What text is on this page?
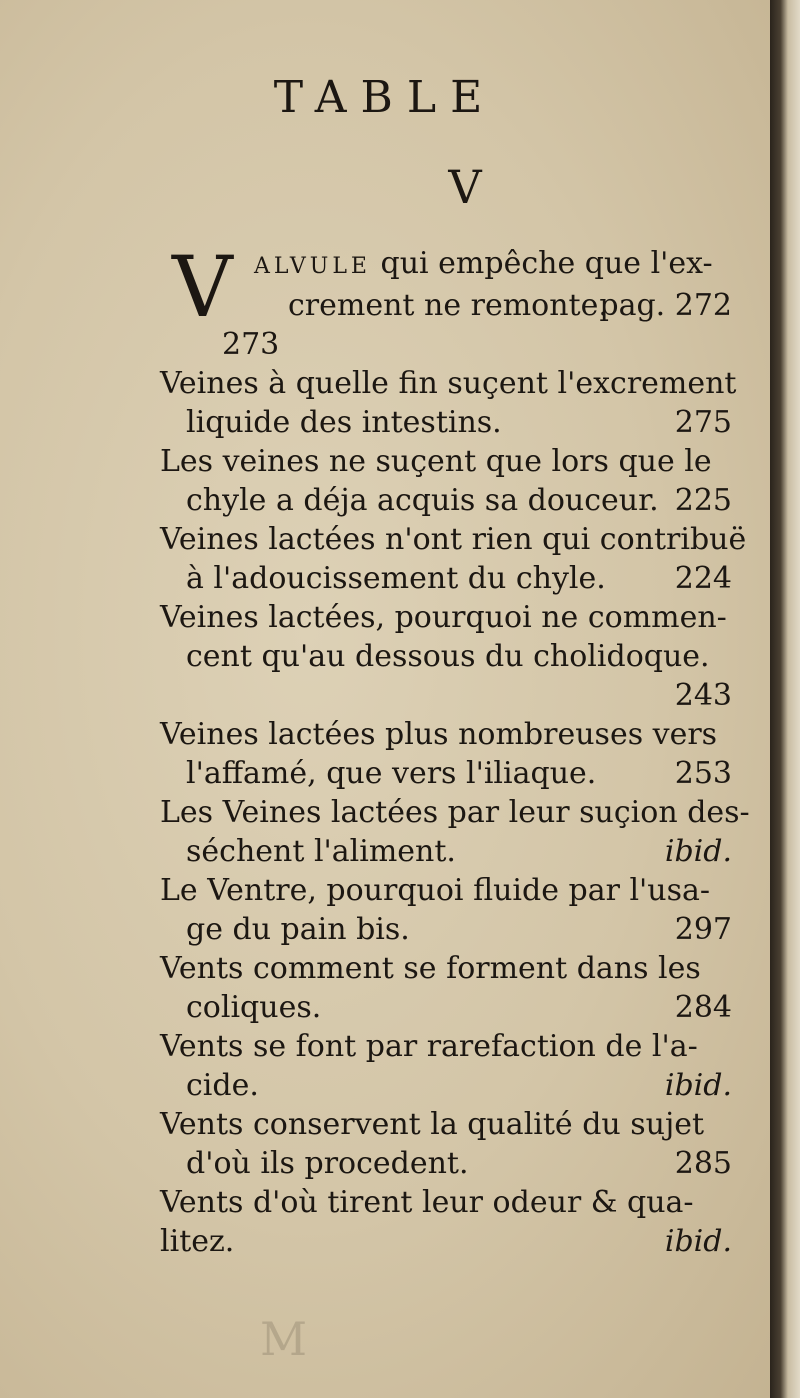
TABLE
V
V ALVULE qui empêche que l'ex-
crement ne remonte.
pag. 272
273
Veines à quelle fin suçent l'excrement
liquide des intestins.	275
Les veines ne suçent que lors que le
chyle a déja acquis sa douceur. 225
Veines lactées n'ont rien qui contribuë
à l'adoucissement du chyle. 224
Veines lactées, pourquoi ne commen-
cent qu'au dessous du cholidoque.
243
Veines lactées plus nombreuses vers
l'affamé, que vers l'iliaque.	253
Les Veines lactées par leur suçion des-
séchent l'aliment.	ibid.
Le Ventre, pourquoi fluide par l'usa-
ge du pain bis.	297
Vents comment se forment dans les
coliques.	284
Vents se font par rarefaction de l'a-
cide.	ibid.
Vents conservent la qualité du sujet
d'où ils procedent.	285
Vents d'où tirent leur odeur & qua-
litez.	ibid.
M
